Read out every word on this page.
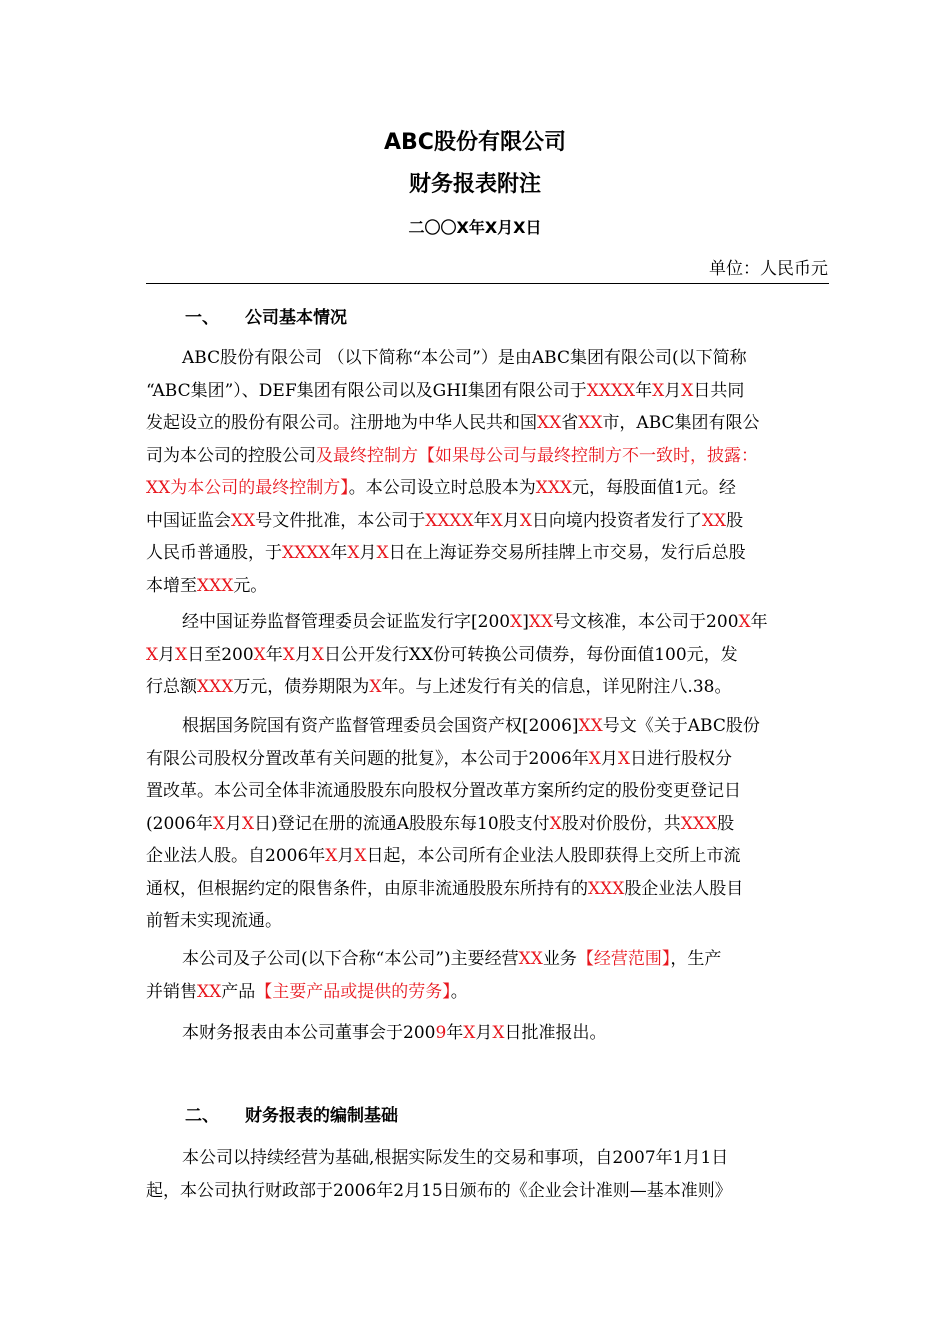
ABC股份有限公司
财务报表附注
二〇〇X年X月X日
单位：人民币元
一、 公司基本情况
ABC股份有限公司 （以下简称“本公司”）是由ABC集团有限公司(以下简称
“ABC集团”）、DEF集团有限公司以及GHI集团有限公司于XXXX年X月X日共同
发起设立的股份有限公司。注册地为中华人民共和国XX省XX市，ABC集团有限公
司为本公司的控股公司及最终控制方【如果母公司与最终控制方不一致时，披露：
XX为本公司的最终控制方】。本公司设立时总股本为XXX元，每股面值1元。经
中国证监会XX号文件批准，本公司于XXXX年X月X日向境内投资者发行了XX股
人民币普通股，于XXXX年X月X日在上海证券交易所挂牌上市交易，发行后总股
本增至XXX元。
经中国证券监督管理委员会证监发行字[200X]XX号文核准，本公司于200X年
X月X日至200X年X月X日公开发行XX份可转换公司债券，每份面值100元，发
行总额XXX万元，债券期限为X年。与上述发行有关的信息，详见附注八.38。
根据国务院国有资产监督管理委员会国资产权[2006]XX号文《关于ABC股份
有限公司股权分置改革有关问题的批复》，本公司于2006年X月X日进行股权分
置改革。本公司全体非流通股股东向股权分置改革方案所约定的股份变更登记日
(2006年X月X日)登记在册的流通A股股东每10股支付X股对价股份，共XXX股
企业法人股。自2006年X月X日起，本公司所有企业法人股即获得上交所上市流
通权，但根据约定的限售条件，由原非流通股股东所持有的XXX股企业法人股目
前暂未实现流通。
本公司及子公司(以下合称“本公司”)主要经营XX业务【经营范围】，生产
并销售XX产品【主要产品或提供的劳务】。
本财务报表由本公司董事会于2009年X月X日批准报出。
二、 财务报表的编制基础
本公司以持续经营为基础,根据实际发生的交易和事项，自2007年1月1日
起，本公司执行财政部于2006年2月15日颁布的《企业会计准则—基本准则》
